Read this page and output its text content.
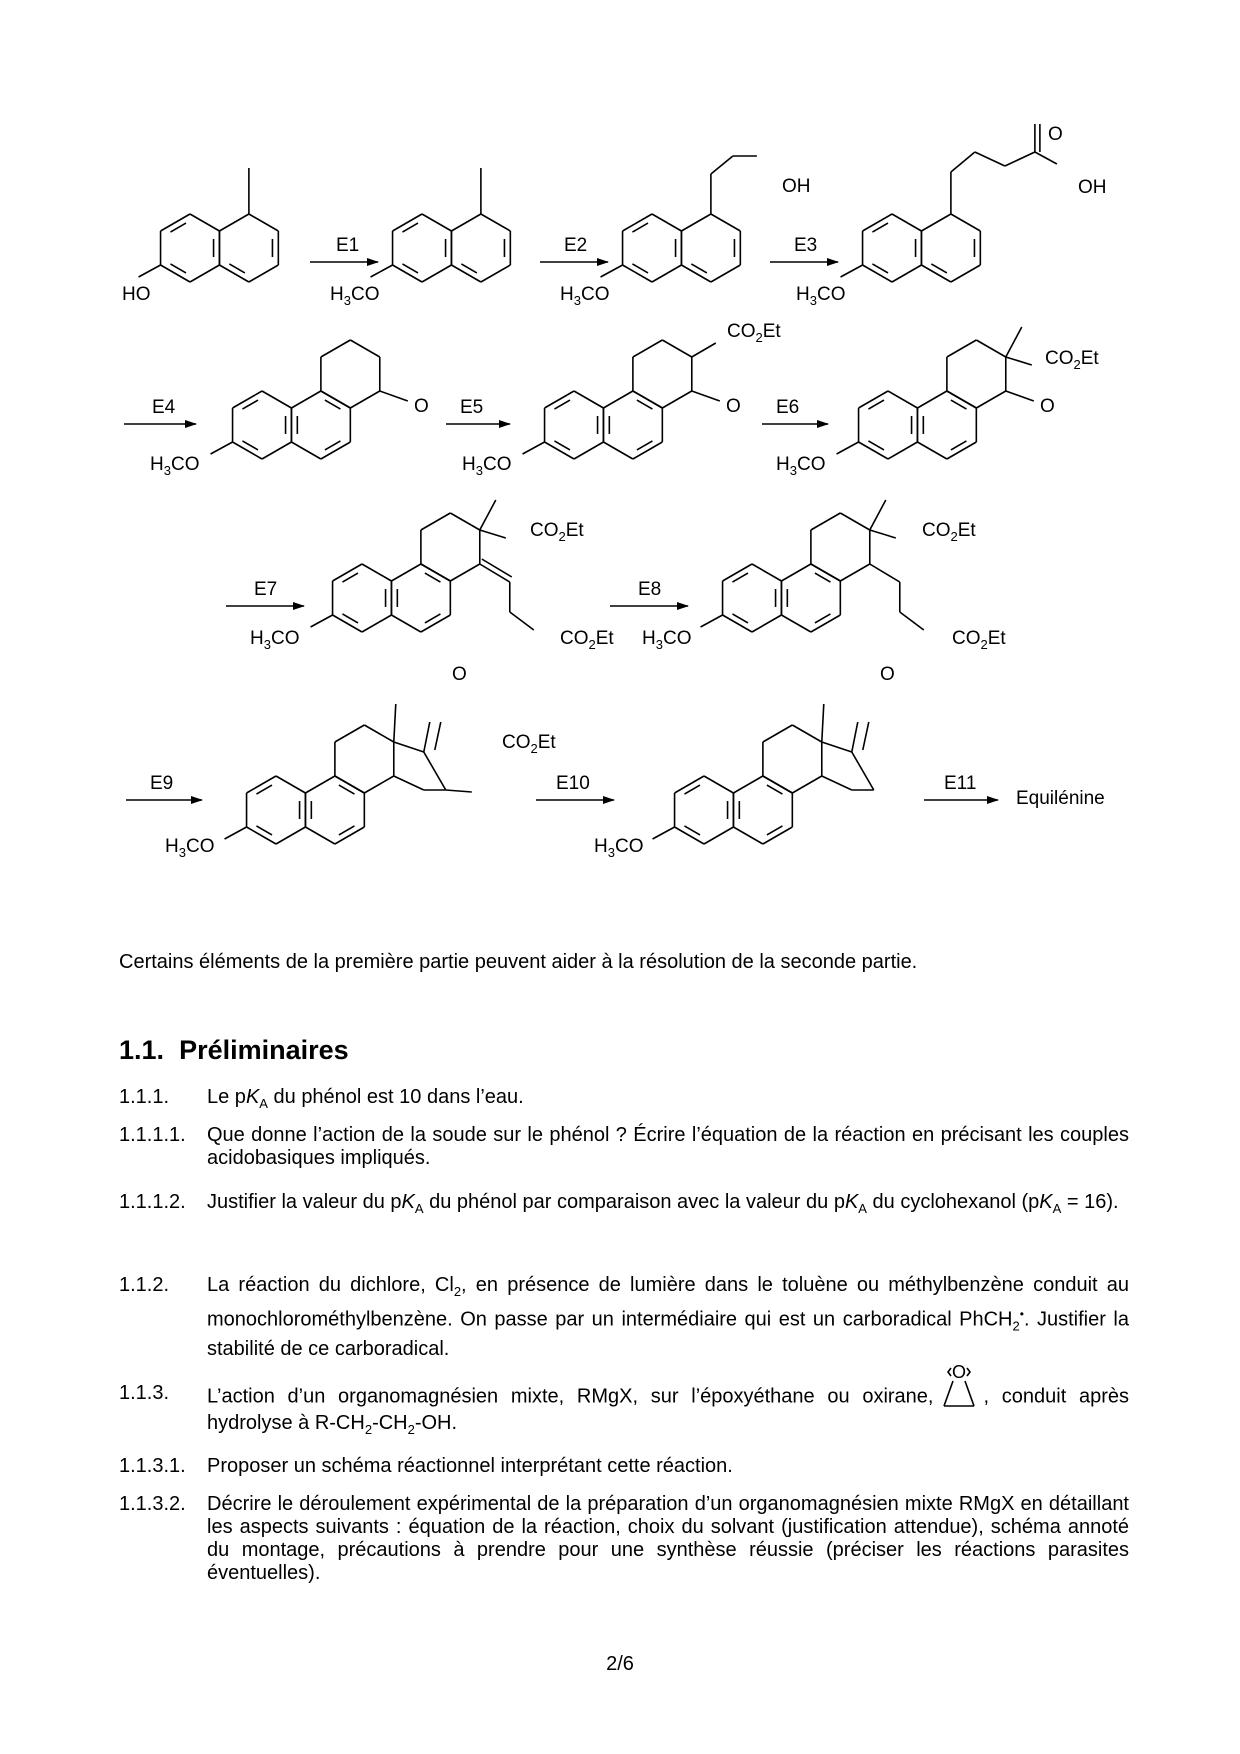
HO	$H_3CO$
OH
$H_3CO$
O
OH
$H_3CO$
E1	E2	E3
O
$H_3CO$
O
$CO_2Et$
$H_3CO$
O
$CO_2Et$
$H_3CO$
E4	E5	E6
$CO_2Et$
$CO_2Et$
$H_3CO$
$CO_2Et$
$CO_2Et$
$H_3CO$
E7	E8
O
$CO_2Et$
$H_3CO$
O
$H_3CO$
E9	E10	E11
Equilénine
Certains éléments de la première partie peuvent aider à la résolution de la seconde partie.
1.1. Préliminaires
1.1.1.	Le $pK_A$ du phénol est 10 dans l’eau.
1.1.1.1.	Que donne l’action de la soude sur le phénol ? Écrire l’équation de la réaction en précisant les couples acidobasiques impliqués.
1.1.1.2.	Justifier la valeur du $pK_A$ du phénol par comparaison avec la valeur du $pK_A$ du cyclohexanol $(pK_A = 16)$.
1.1.2.	La réaction du dichlore, $Cl_2$, en présence de lumière dans le toluène ou méthylbenzène conduit au monochlorométhylbenzène. On passe par un intermédiaire qui est un carboradical PhCH$_2$•. Justifier la stabilité de ce carboradical.
1.1.3.	L’action d’un organomagnésien mixte, RMgX, sur l’époxyéthane ou oxirane,
O
, conduit après hydrolyse à $R-CH_2-CH_2-OH$.
1.1.3.1.	Proposer un schéma réactionnel interprétant cette réaction.
1.1.3.2.	Décrire le déroulement expérimental de la préparation d’un organomagnésien mixte RMgX en détaillant les aspects suivants : équation de la réaction, choix du solvant (justification attendue), schéma annoté du montage, précautions à prendre pour une synthèse réussie (préciser les réactions parasites éventuelles).
2/6
